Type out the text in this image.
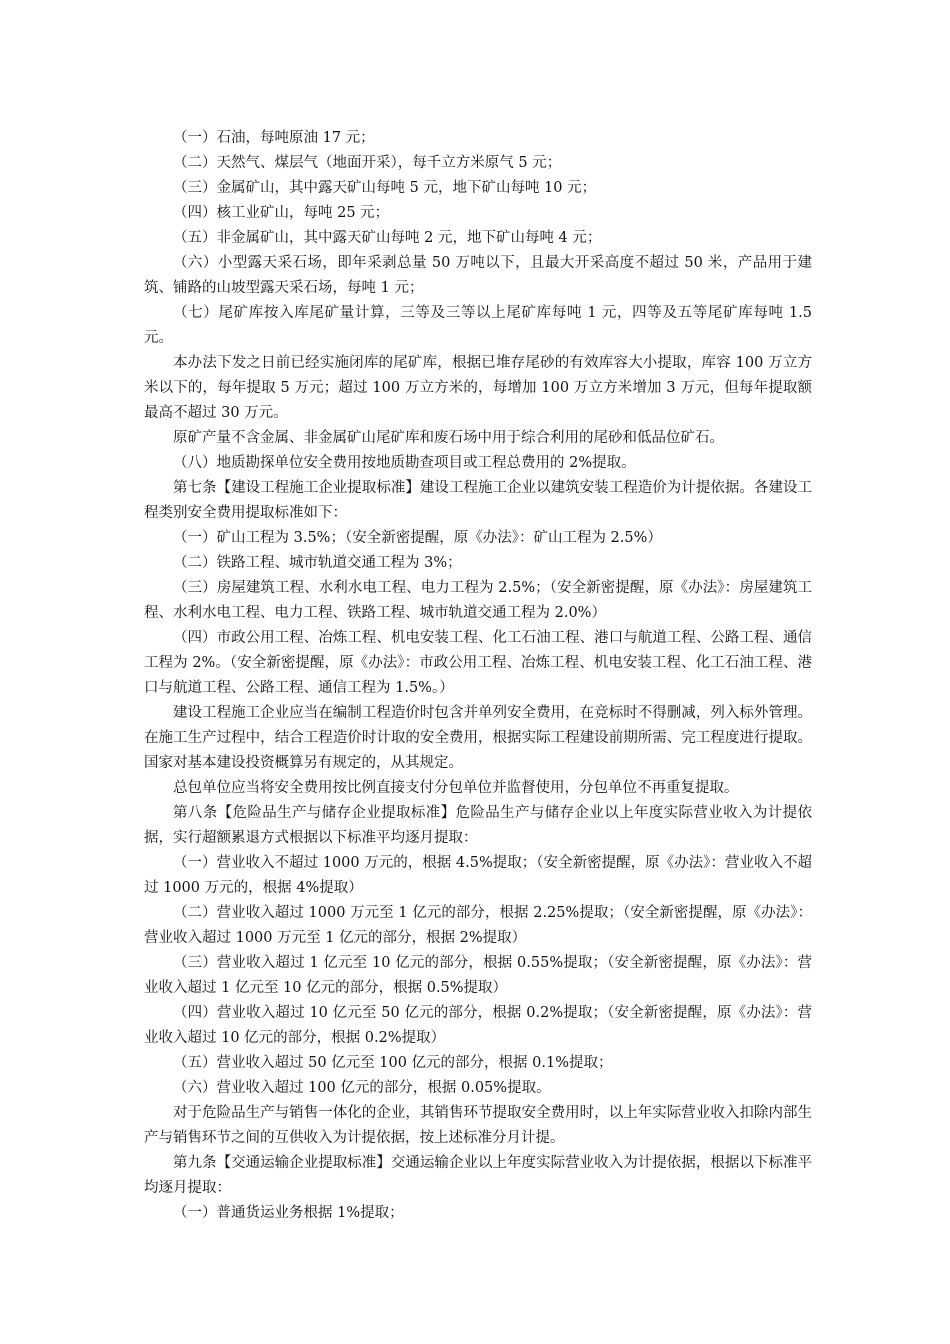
（一）石油，每吨原油 17 元；

（二）天然气、煤层气（地面开采），每千立方米原气 5 元；

（三）金属矿山，其中露天矿山每吨 5 元，地下矿山每吨 10 元；

（四）核工业矿山，每吨 25 元；

（五）非金属矿山，其中露天矿山每吨 2 元，地下矿山每吨 4 元；

（六）小型露天采石场，即年采剥总量 50 万吨以下，且最大开采高度不超过 50 米，产品用于建筑、铺路的山坡型露天采石场，每吨 1 元；

（七）尾矿库按入库尾矿量计算，三等及三等以上尾矿库每吨 1 元，四等及五等尾矿库每吨 1.5 元。

本办法下发之日前已经实施闭库的尾矿库，根据已堆存尾砂的有效库容大小提取，库容 100 万立方米以下的，每年提取 5 万元；超过 100 万立方米的，每增加 100 万立方米增加 3 万元，但每年提取额最高不超过 30 万元。

原矿产量不含金属、非金属矿山尾矿库和废石场中用于综合利用的尾砂和低品位矿石。

（八）地质勘探单位安全费用按地质勘查项目或工程总费用的 2%提取。

第七条【建设工程施工企业提取标准】建设工程施工企业以建筑安装工程造价为计提依据。各建设工程类别安全费用提取标准如下：

（一）矿山工程为 3.5%；（安全新密提醒，原《办法》：矿山工程为 2.5%）

（二）铁路工程、城市轨道交通工程为 3%；

（三）房屋建筑工程、水利水电工程、电力工程为 2.5%；（安全新密提醒，原《办法》：房屋建筑工程、水利水电工程、电力工程、铁路工程、城市轨道交通工程为 2.0%）

（四）市政公用工程、冶炼工程、机电安装工程、化工石油工程、港口与航道工程、公路工程、通信工程为 2%。（安全新密提醒，原《办法》：市政公用工程、冶炼工程、机电安装工程、化工石油工程、港口与航道工程、公路工程、通信工程为 1.5%。）

建设工程施工企业应当在编制工程造价时包含并单列安全费用，在竞标时不得删减，列入标外管理。在施工生产过程中，结合工程造价时计取的安全费用，根据实际工程建设前期所需、完工程度进行提取。国家对基本建设投资概算另有规定的，从其规定。

总包单位应当将安全费用按比例直接支付分包单位并监督使用，分包单位不再重复提取。

第八条【危险品生产与储存企业提取标准】危险品生产与储存企业以上年度实际营业收入为计提依据，实行超额累退方式根据以下标准平均逐月提取：

（一）营业收入不超过 1000 万元的，根据 4.5%提取；（安全新密提醒，原《办法》：营业收入不超过 1000 万元的，根据 4%提取）

（二）营业收入超过 1000 万元至 1 亿元的部分，根据 2.25%提取；（安全新密提醒，原《办法》：营业收入超过 1000 万元至 1 亿元的部分，根据 2%提取）

（三）营业收入超过 1 亿元至 10 亿元的部分，根据 0.55%提取；（安全新密提醒，原《办法》：营业收入超过 1 亿元至 10 亿元的部分，根据 0.5%提取）

（四）营业收入超过 10 亿元至 50 亿元的部分，根据 0.2%提取；（安全新密提醒，原《办法》：营业收入超过 10 亿元的部分，根据 0.2%提取）

（五）营业收入超过 50 亿元至 100 亿元的部分，根据 0.1%提取；

（六）营业收入超过 100 亿元的部分，根据 0.05%提取。

对于危险品生产与销售一体化的企业，其销售环节提取安全费用时，以上年实际营业收入扣除内部生产与销售环节之间的互供收入为计提依据，按上述标准分月计提。

第九条【交通运输企业提取标准】交通运输企业以上年度实际营业收入为计提依据，根据以下标准平均逐月提取：

（一）普通货运业务根据 1%提取；
